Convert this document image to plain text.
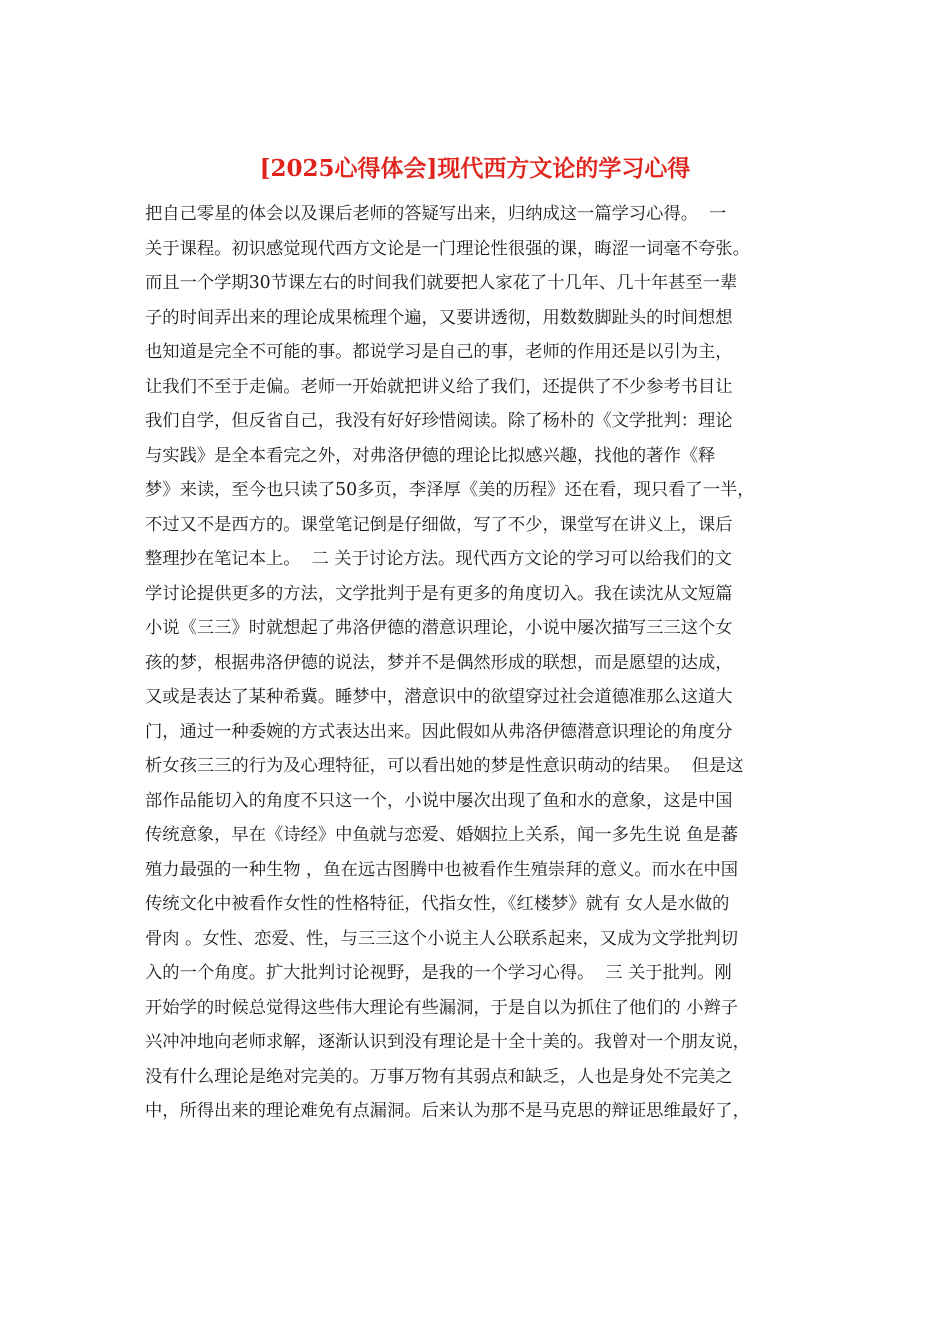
[2025心得体会]现代西方文论的学习心得
把自己零星的体会以及课后老师的答疑写出来，归纳成这一篇学习心得。  一
关于课程。初识感觉现代西方文论是一门理论性很强的课，晦涩一词毫不夸张。
而且一个学期30节课左右的时间我们就要把人家花了十几年、几十年甚至一辈
子的时间弄出来的理论成果梳理个遍，又要讲透彻，用数数脚趾头的时间想想
也知道是完全不可能的事。都说学习是自己的事，老师的作用还是以引为主，
让我们不至于走偏。老师一开始就把讲义给了我们，还提供了不少参考书目让
我们自学，但反省自己，我没有好好珍惜阅读。除了杨朴的《文学批判：理论
与实践》是全本看完之外，对弗洛伊德的理论比拟感兴趣，找他的著作《释
梦》来读，至今也只读了50多页，李泽厚《美的历程》还在看，现只看了一半，
不过又不是西方的。课堂笔记倒是仔细做，写了不少，课堂写在讲义上，课后
整理抄在笔记本上。  二 关于讨论方法。现代西方文论的学习可以给我们的文
学讨论提供更多的方法，文学批判于是有更多的角度切入。我在读沈从文短篇
小说《三三》时就想起了弗洛伊德的潜意识理论，小说中屡次描写三三这个女
孩的梦，根据弗洛伊德的说法，梦并不是偶然形成的联想，而是愿望的达成，
又或是表达了某种希冀。睡梦中，潜意识中的欲望穿过社会道德准那么这道大
门，通过一种委婉的方式表达出来。因此假如从弗洛伊德潜意识理论的角度分
析女孩三三的行为及心理特征，可以看出她的梦是性意识萌动的结果。  但是这
部作品能切入的角度不只这一个，小说中屡次出现了鱼和水的意象，这是中国
传统意象，早在《诗经》中鱼就与恋爱、婚姻拉上关系，闻一多先生说 鱼是蕃
殖力最强的一种生物 ，鱼在远古图腾中也被看作生殖崇拜的意义。而水在中国
传统文化中被看作女性的性格特征，代指女性，《红楼梦》就有 女人是水做的
骨肉 。女性、恋爱、性，与三三这个小说主人公联系起来，又成为文学批判切
入的一个角度。扩大批判讨论视野，是我的一个学习心得。  三 关于批判。刚
开始学的时候总觉得这些伟大理论有些漏洞，于是自以为抓住了他们的 小辫子
兴冲冲地向老师求解，逐渐认识到没有理论是十全十美的。我曾对一个朋友说，
没有什么理论是绝对完美的。万事万物有其弱点和缺乏，人也是身处不完美之
中，所得出来的理论难免有点漏洞。后来认为那不是马克思的辩证思维最好了，
